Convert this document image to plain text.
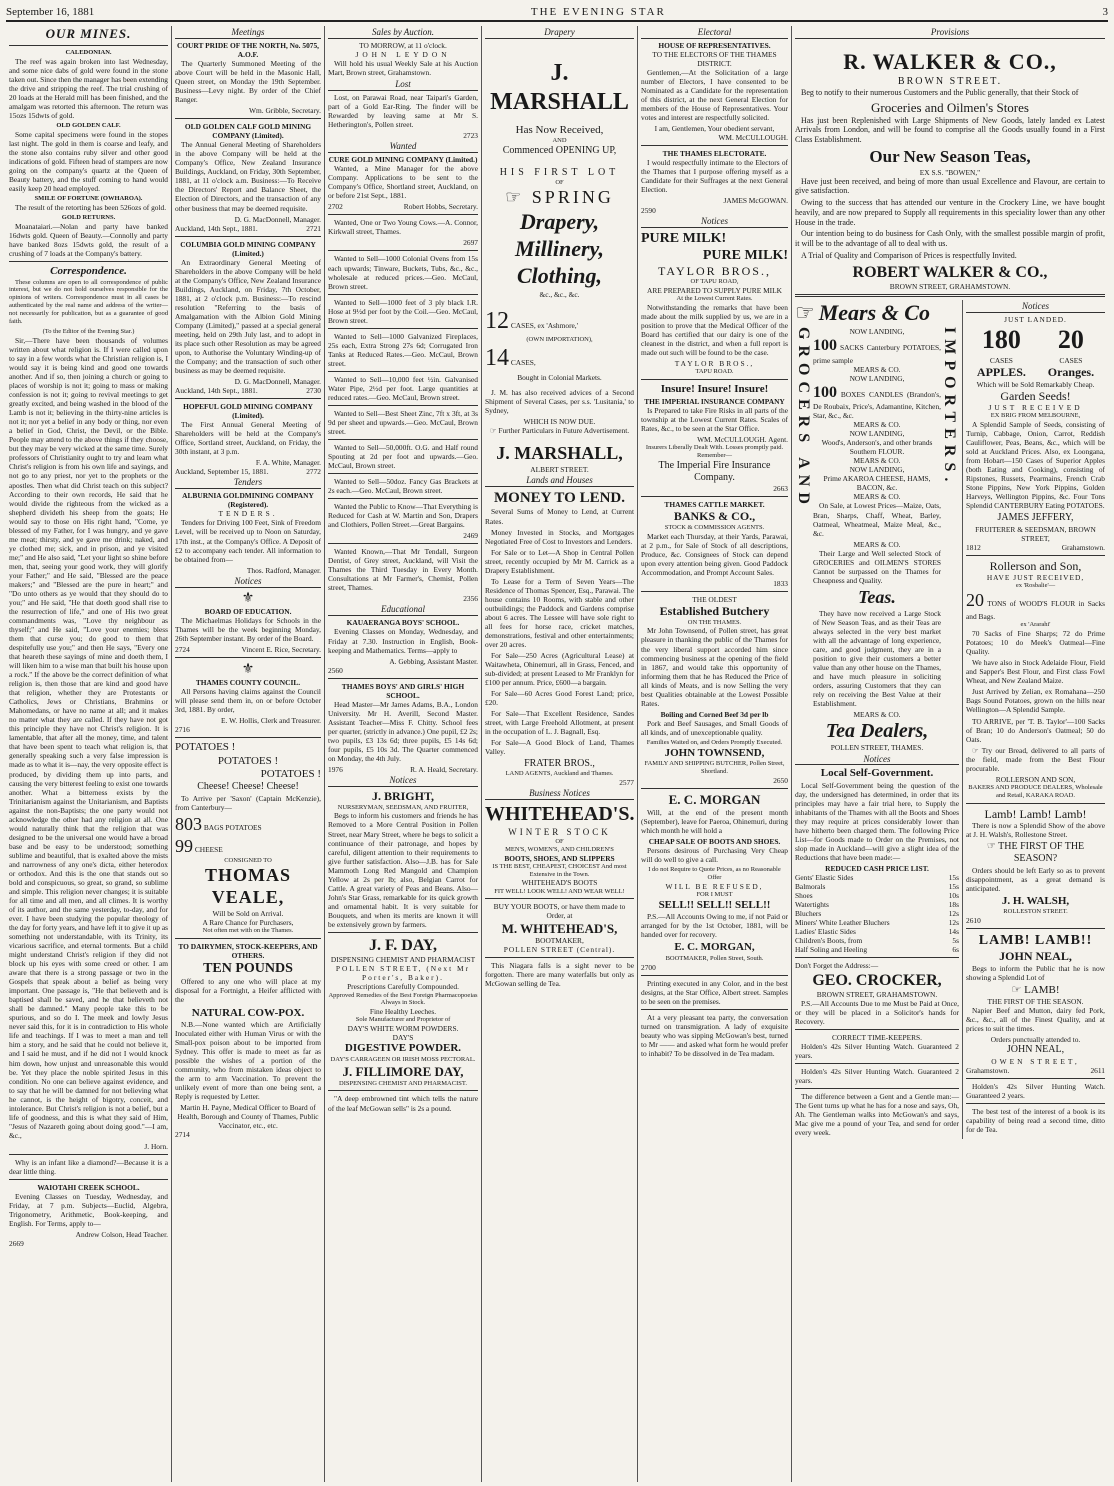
September 16, 1881	THE EVENING STAR	3
OUR MINES.
CALEDONIAN.

The reef was again broken into last Wednesday, and some nice dabs of gold were found in the stone taken out. Since then the manager has been extending the drive and stripping the reef. The trial crushing of 20 loads at the Herald mill has been finished, and the amalgam was retorted this afternoon. The return was 15ozs 15dwts of gold.

OLD GOLDEN CALF.

Some capital specimens were found in the stopes last night. The gold in them is coarse and leafy, and the stone also contains ruby silver and other good indications of gold. Fifteen head of stampers are now going on the company's quartz at the Queen of Beauty battery, and the stuff coming to hand would easily keep 20 head employed.

SMILE OF FORTUNE (OWHAROA).

The result of the retorting has been 526ozs of gold.

GOLD RETURNS.

Moanataiari.—Nolan and party have banked 16dwts gold. Queen of Beauty.—Connolly and party have banked 8ozs 15dwts gold, the result of a crushing of 7 loads at the Company's battery.

Correspondence.

These columns are open to all correspondence of public interest, but we do not hold ourselves responsible for the opinions of writers. Correspondence must in all cases be authenticated by the real name and address of the writer—not necessarily for publication, but as a guarantee of good faith.

(To the Editor of the Evening Star.)

Sir,—There have been thousands of volumes written about what religion is. If I were called upon to say in a few words what the Christian religion is, I would say it is being kind and good one towards another. And if so, then joining a church or going to places of worship is not it; going to mass or making confession is not it; going to revival meetings to get greatly excited, and being washed in the blood of the Lamb is not it; believing in the thirty-nine articles is not it; nor yet a belief in any body or thing, nor even a belief in God, Christ, the Devil, or the Bible. People may attend to the above things if they choose, but they may be very wicked at the same time. Surely professors of Christianity ought to try and learn what Christ's religion is from his own life and sayings, and not go to any priest, nor yet to the prophets or the apostles. Then what did Christ teach on this subject? According to their own records, He said that he would divide the righteous from the wicked as a shepherd divideth his sheep from the goats; He would say to those on His right hand, "Come, ye blessed of my Father, for I was hungry, and ye gave me meat; thirsty, and ye gave me drink; naked, and ye clothed me; sick, and in prison, and ye visited me;" and He also said, "Let your light so shine before men, that, seeing your good work, they will glorify your Father;" and He said, "Blessed are the peace makers;" and "Blessed are the pure in heart;" and "Do unto others as ye would that they should do to you;" and He said, "He that doeth good shall rise to the resurrection of life," and one of His two great commandments was, "Love thy neighbour as thyself;" and He said, "Love your enemies; bless them that curse you; do good to them that despitefully use you;" and then He says, "Every one that heareth these sayings of mine and doeth them, I will liken him to a wise man that built his house upon a rock." If the above be the correct definition of what religion is, then those that are kind and good have that religion, whether they are Protestants or Catholics, Jews or Christians, Brahmins or Mahomedans, or have no name at all; and it makes no matter what they are called. If they have not got this principle they have not Christ's religion. It is lamentable, that after all the money, time, and talent that have been spent to teach what religion is, that generally speaking such a very false impression is made as to what it is—nay, the very opposite effect is produced, by dividing them up into parts, and causing the very bitterest feeling to exist one towards another. What a bitterness exists by the Trinitarianism against the Unitarianism, and Baptists against the non-Baptists; the one party would not acknowledge the other had any religion at all. One would naturally think that the religion that was designed to be the universal one would have a broad base and be easy to be understood; something sublime and beautiful, that is exalted above the mists and narrowness of any one's dicta, either heterodox or orthodox. And this is the one that stands out so bold and conspicuous, so great, so grand, so sublime and simple. This religion never changes; it is suitable for all time and all men, and all climes. It is worthy of its author, and the same yesterday, to-day, and for ever. I have been studying the popular theology of the day for forty years, and have left it to give it up as something not understandable, with its Trinity, its vicarious sacrifice, and eternal torments. But a child might understand Christ's religion if they did not block up his eyes with some creed or other. I am aware that there is a strong passage or two in the Gospels that speak about a belief as being very important. One passage is, "He that believeth and is baptised shall be saved, and he that believeth not shall be damned." Many people take this to be spurious, and so do I. The meek and lowly Jesus never said this, for it is in contradiction to His whole life and teachings. If I was to meet a man and tell him a story, and he said that he could not believe it, and I said he must, and if he did not I would knock him down, how unjust and unreasonable this would be. Yet they place the noble spirited Jesus in this condition. No one can believe against evidence, and to say that he will be damned for not believing what he cannot, is the height of bigotry, conceit, and intolerance. But Christ's religion is not a belief, but a life of goodness, and this is what they said of Him, "Jesus of Nazareth going about doing good."—I am, &c.,

J. Horn.

Why is an infant like a diamond?—Because it is a dear little thing.

WAIOTAHI CREEK SCHOOL.

Evening Classes on Tuesday, Wednesday, and Friday, at 7 p.m. Subjects—Euclid, Algebra, Trigonometry, Arithmetic, Book-keeping, and English. For Terms, apply to—

Andrew Colson, Head Teacher.
2669
Meetings
COURT PRIDE OF THE NORTH, No. 5075, A.O.F.

The Quarterly Summoned Meeting of the above Court will be held in the Masonic Hall, Queen street, on Monday the 19th September. Business—Levy night. By order of the Chief Ranger.

Wm. Gribble, Secretary.
OLD GOLDEN CALF GOLD MINING COMPANY (Limited).

The Annual General Meeting of Shareholders in the above Company will be held at the Company's Office, New Zealand Insurance Buildings, Auckland, on Friday, 30th September, 1881, at 11 o'clock a.m. Business:—To Receive the Directors' Report and Balance Sheet, the Election of Directors, and the transaction of any other business that may be deemed requisite.

D. G. MacDonnell, Manager.
Auckland, 14th Sept., 1881.	2721
COLUMBIA GOLD MINING COMPANY (Limited.)

An Extraordinary General Meeting of Shareholders in the above Company will be held at the Company's Office, New Zealand Insurance Buildings, Auckland, on Friday, 7th October, 1881, at 2 o'clock p.m. Business:—To rescind resolution "Referring to the basis of Amalgamation with the Albion Gold Mining Company (Limited)," passed at a special general meeting, held on 29th July last, and to adopt in its place such other Resolution as may be agreed upon, to Authorise the Voluntary Winding-up of the Company; and the transaction of such other business as may be deemed requisite.

D. G. MacDonnell, Manager.
Auckland, 14th Sept., 1881.	2730
HOPEFUL GOLD MINING COMPANY (Limited).

The First Annual General Meeting of Shareholders will be held at the Company's Office, Sortland street, Auckland, on Friday, the 30th instant, at 3 p.m.

F. A. White, Manager.
Auckland, September 15, 1881.	2772
Tenders
ALBURNIA GOLDMINING COMPANY (Registered).
TENDERS.

Tenders for Driving 100 Feet, Sink of Freedom Level, will be received up to Noon on Saturday, 17th inst., at the Company's Office. A Deposit of £2 to accompany each tender. All information to be obtained from—

Thos. Radford, Manager.
Notices
⚜
BOARD OF EDUCATION.

The Michaelmas Holidays for Schools in the Thames will be the week beginning Monday, 26th September instant. By order of the Board.

2724	Vincent E. Rice, Secretary.
⚜
THAMES COUNTY COUNCIL.

All Persons having claims against the Council will please send them in, on or before October 3rd, 1881. By order,

E. W. Hollis, Clerk and Treasurer.
2716
POTATOES !
POTATOES !
POTATOES !
Cheese! Cheese! Cheese!

To Arrive per 'Saxon' (Captain McKenzie), from Canterbury—

803 BAGS POTATOES
99 CHEESE
CONSIGNED TO
THOMAS VEALE,
Will be Sold on Arrival.
A Rare Chance for Purchasers,
Not often met with on the Thames.
TO DAIRYMEN, STOCK-KEEPERS, AND OTHERS.
TEN POUNDS

Offered to any one who will place at my disposal for a Fortnight, a Heifer afflicted with the

NATURAL COW-POX.

N.B.—None wanted which are Artificially Inoculated either with Human Virus or with the Small-pox poison about to be imported from Sydney. This offer is made to meet as far as possible the wishes of a portion of the community, who from mistaken ideas object to the arm to arm Vaccination. To prevent the unlikely event of more than one being sent, a Reply is requested by Letter.

Martin H. Payne, Medical Officer to Board of Health, Borough and County of Thames, Public Vaccinator, etc., etc.
2714
Sales by Auction.
TO MORROW, at 11 o'clock.
JOHN LEYDON

Will hold his usual Weekly Sale at his Auction Mart, Brown street, Grahamstown.

Lost

Lost, on Parawai Road, near Taipari's Garden, part of a Gold Ear-Ring. The finder will be Rewarded by leaving same at Mr S. Hetherington's, Pollen street.

2723
Wanted
CURE GOLD MINING COMPANY (Limited.)

Wanted, a Mine Manager for the above Company. Applications to be sent to the Company's Office, Shortland street, Auckland, on or before 21st Sept., 1881.

2702	Robert Hobbs, Secretary.

Wanted, One or Two Young Cows.—A. Connor, Kirkwall street, Thames.

2697

Wanted to Sell—1000 Colonial Ovens from 15s each upwards; Tinware, Buckets, Tubs, &c., &c., wholesale at reduced prices.—Geo. McCaul, Brown street.

Wanted to Sell—1000 feet of 3 ply black I.R. Hose at 9½d per foot by the Coil.—Geo. McCaul, Brown street.

Wanted to Sell—1000 Galvanized Fireplaces, 25s each, Extra Strong 27s 6d; Corrugated Iron Tanks at Reduced Rates.—Geo. McCaul, Brown street.

Wanted to Sell—10,000 feet ½in. Galvanised Water Pipe, 2½d per foot. Large quantities at reduced rates.—Geo. McCaul, Brown street.

Wanted to Sell—Best Sheet Zinc, 7ft x 3ft, at 3s 9d per sheet and upwards.—Geo. McCaul, Brown street.

Wanted to Sell—50,000ft. O.G. and Half round Spouting at 2d per foot and upwards.—Geo. McCaul, Brown street.

Wanted to Sell—50doz. Fancy Gas Brackets at 2s each.—Geo. McCaul, Brown street.

Wanted the Public to Know—That Everything is Reduced for Cash at W. Martin and Son, Drapers and Clothiers, Pollen Street.—Great Bargains.

2469

Wanted Known,—That Mr Tendall, Surgeon Dentist, of Grey street, Auckland, will Visit the Thames the Third Tuesday in Every Month. Consultations at Mr Farmer's, Chemist, Pollen street, Thames.

2356
Educational
KAUAERANGA BOYS' SCHOOL.

Evening Classes on Monday, Wednesday, and Friday at 7.30. Instruction in English, Book-keeping and Mathematics. Terms—apply to

A. Gebbing, Assistant Master.
2560
THAMES BOYS' AND GIRLS' HIGH SCHOOL.

Head Master—Mr James Adams, B.A., London University. Mr H. Averill, Second Master. Assistant Teacher—Miss F. Chitty. School fees per quarter, (strictly in advance.) One pupil, £2 2s; two pupils, £3 13s 6d; three pupils, £5 14s 6d; four pupils, £5 10s 3d. The Quarter commenced on Monday, the 4th July.

1976	R. A. Heald, Secretary.
Notices
J. BRIGHT,
NURSERYMAN, SEEDSMAN, AND FRUITER,

Begs to inform his customers and friends he has Removed to a More Central Position in Pollen Street, near Mary Street, where he begs to solicit a continuance of their patronage, and hopes by careful, diligent attention to their requirements to give further satisfaction. Also—J.B. has for Sale Mammoth Long Red Mangold and Champion Yellow at 2s per lb; also, Belgian Carrot for Cattle. A great variety of Peas and Beans. Also—John's Star Grass, remarkable for its quick growth and ornamental habit. It is very suitable for Bouquets, and when its merits are known it will be extensively grown by farmers.

J. F. DAY,
DISPENSING CHEMIST AND PHARMACIST
POLLEN STREET, (Next Mr Porter's, Baker).
Prescriptions Carefully Compounded.
Approved Remedies of the Best Foreign Pharmacopoeias Always in Stock.
Fine Healthy Leeches.
Sole Manufacturer and Proprietor of
DAY'S WHITE WORM POWDERS.
DAY'S
DIGESTIVE POWDER.
DAY'S CARRAGEEN OR IRISH MOSS PECTORAL.
J. FILLIMORE DAY,
DISPENSING CHEMIST AND PHARMACIST.

"A deep embrowned tint which tells the nature of the leaf McGowan sells" is 2s a pound.

Drapery
J. MARSHALL
Has Now Received,
AND
Commenced OPENING UP,
HIS FIRST LOT
OF
☞ SPRING
Drapery,
Millinery,
Clothing,
&c., &c., &c.
12 CASES, ex 'Ashmore,'
(OWN IMPORTATION),
14 CASES,
Bought in Colonial Markets.

J. M. has also received advices of a Second Shipment of Several Cases, per s.s. 'Lusitania,' to Sydney,

WHICH IS NOW DUE.
☞ Further Particulars in Future Advertisement.
J. MARSHALL,
ALBERT STREET.
Lands and Houses
MONEY TO LEND.

Several Sums of Money to Lend, at Current Rates.

Money Invested in Stocks, and Mortgages Negotiated Free of Cost to Investors and Lenders.

For Sale or to Let—A Shop in Central Pollen street, recently occupied by Mr M. Carrick as a Drapery Establishment.

To Lease for a Term of Seven Years—The Residence of Thomas Spencer, Esq., Parawai. The house contains 10 Rooms, with stable and other outbuildings; the Paddock and Gardens comprise about 6 acres. The Lessee will have sole right to all fees for horse race, cricket matches, demonstrations, festival and other entertainments; over 20 acres.

For Sale—250 Acres (Agricultural Lease) at Waitawheta, Ohinemuri, all in Grass, Fenced, and sub-divided; at present Leased to Mr Franklyn for £100 per annum. Price, £600—a bargain.

For Sale—60 Acres Good Forest Land; price, £20.

For Sale—That Excellent Residence, Sandes street, with Large Freehold Allotment, at present in the occupation of L. J. Bagnall, Esq.

For Sale—A Good Block of Land, Thames Valley.

FRATER BROS.,
LAND AGENTS, Auckland and Thames.
2577
Business Notices
WHITEHEAD'S.
WINTER STOCK
OF
MEN'S, WOMEN'S, AND CHILDREN'S
BOOTS, SHOES, AND SLIPPERS
IS THE BEST, CHEAPEST, CHOICEST And most Extensive in the Town.
WHITEHEAD'S BOOTS
FIT WELL! LOOK WELL! AND WEAR WELL!
BUY YOUR BOOTS, or have them made to Order, at
M. WHITEHEAD'S,
BOOTMAKER,
POLLEN STREET (Central).

This Niagara falls is a sight never to be forgotten. There are many waterfalls but only as McGowan selling de Tea.

Electoral
HOUSE OF REPRESENTATIVES.
TO THE ELECTORS OF THE THAMES DISTRICT.

Gentlemen,—At the Solicitation of a large number of Electors, I have consented to be Nominated as a Candidate for the representation of this district, at the next General Election for members of the House of Representatives. Your votes and interest are respectfully solicited.

I am, Gentlemen, Your obedient servant,
WM. McCULLOUGH.
THE THAMES ELECTORATE.

I would respectfully intimate to the Electors of the Thames that I purpose offering myself as a Candidate for their Suffrages at the next General Election.

JAMES McGOWAN.
2590
Notices
PURE MILK!
PURE MILK!
TAYLOR BROS.,
OF TAPU ROAD,
ARE PREPARED TO SUPPLY PURE MILK
At the Lowest Current Rates.

Notwithstanding the remarks that have been made about the milk supplied by us, we are in a position to prove that the Medical Officer of the Board has certified that our dairy is one of the cleanest in the district, and when a full report is made out such will be found to be the case.

TAYLOR BROS.,
TAPU ROAD.
Insure! Insure! Insure!
THE IMPERIAL INSURANCE COMPANY

Is Prepared to take Fire Risks in all parts of the township at the Lowest Current Rates. Scales of Rates, &c., to be seen at the Star Office.

WM. McCULLOUGH. Agent.
Insurers Liberally Dealt With. Losses promptly paid. Remember—
The Imperial Fire Insurance Company.
2663
THAMES CATTLE MARKET.
BANKS & CO.,
STOCK & COMMISSION AGENTS.

Market each Thursday, at their Yards, Parawai, at 2 p.m., for Sale of Stock of all descriptions, Produce, &c. Consignees of Stock can depend upon every attention being given. Good Paddock Accommodation, and Prompt Account Sales.

1833
THE OLDEST
Established Butchery
ON THE THAMES.

Mr John Townsend, of Pollen street, has great pleasure in thanking the public of the Thames for the very liberal support accorded him since commencing business at the opening of the field in 1867, and would take this opportunity of informing them that he has Reduced the Price of all kinds of Meats, and is now Selling the very best Qualities obtainable at the Lowest Possible Rates.

Boiling and Corned Beef 3d per lb

Pork and Beef Sausages, and Small Goods of all kinds, and of unexceptionable quality.

Families Waited on, and Orders Promptly Executed.
JOHN TOWNSEND,
FAMILY AND SHIPPING BUTCHER, Pollen Street, Shortland.
2650
E. C. MORGAN

Will, at the end of the present month (September), leave for Paeroa, Ohinemuri, during which month he will hold a

CHEAP SALE OF BOOTS AND SHOES.

Persons desirous of Purchasing Very Cheap will do well to give a call.

I do not Require to Quote Prices, as no Reasonable Offer
WILL BE REFUSED,
FOR I MUST
SELL!! SELL!! SELL!!

P.S.—All Accounts Owing to me, if not Paid or arranged for by the 1st October, 1881, will be handed over for recovery.

E. C. MORGAN,
BOOTMAKER, Pollen Street, South.
2700

Printing executed in any Color, and in the best designs, at the Star Office, Albert street. Samples to be seen on the premises.

At a very pleasant tea party, the conversation turned on transmigration. A lady of exquisite beauty who was sipping McGowan's best, turned to Mr —— and asked what form he would prefer to inhabit? To be dissolved in de Tea madam.

Provisions
R. WALKER & CO.,
BROWN STREET.

Beg to notify to their numerous Customers and the Public generally, that their Stock of

Groceries and Oilmen's Stores

Has just been Replenished with Large Shipments of New Goods, lately landed ex Latest Arrivals from London, and will be found to comprise all the Goods usually found in a First Class Establishment.

Our New Season Teas,
EX S.S. "BOWEN,"

Have just been received, and being of more than usual Excellence and Flavour, are certain to give satisfaction.

Owing to the success that has attended our venture in the Crockery Line, we have bought heavily, and are now prepared to Supply all requirements in this speciality lower than any other House in the trade.

Our intention being to do business for Cash Only, with the smallest possible margin of profit, it will be to the advantage of all to deal with us.

A Trial of Quality and Comparison of Prices is respectfully Invited.

ROBERT WALKER & CO.,
BROWN STREET, GRAHAMSTOWN.
☞ Mears & Co
GROCERS AND	NOW LANDING,
100 SACKS Canterbury POTATOES, prime sample
MEARS & CO.
NOW LANDING,
100 BOXES CANDLES (Brandon's, De Roubaix, Price's, Adamantine, Kitchen, Star, &c., &c.
MEARS & CO.
NOW LANDING,
Wood's, Anderson's, and other brands Southern FLOUR.
MEARS & CO.
NOW LANDING,
Prime AKAROA CHEESE, HAMS, BACON, &c.
MEARS & CO.

On Sale, at Lowest Prices—Maize, Oats, Bran, Sharps, Chaff, Wheat, Barley, Oatmeal, Wheatmeal, Maize Meal, &c., &c.

MEARS & CO.

Their Large and Well selected Stock of GROCERIES and OILMEN'S STORES Cannot be surpassed on the Thames for Cheapness and Quality.

Teas.

They have now received a Large Stock of New Season Teas, and as their Teas are always selected in the very best market with all the advantage of long experience, care, and good judgment, they are in a position to give their customers a better value than any other house on the Thames, and have much pleasure in soliciting orders, assuring Customers that they can rely on receiving the Best Value at their Establishment.

MEARS & CO.
IMPORTERS.
Tea Dealers,
POLLEN STREET, THAMES.
Notices
Local Self-Government.

Local Self-Government being the question of the day, the undersigned has determined, in order that its principles may have a fair trial here, to Supply the inhabitants of the Thames with all the Boots and Shoes they may require at prices considerably lower than have hitherto been charged them. The following Price List—for Goods made to Order on the Premises, not slop made in Auckland—will give a slight idea of the Reductions that have been made:—

REDUCED CASH PRICE LIST.
Gents' Elastic Sides	15s
Balmorals	15s
Shoes	10s
Watertights	18s
Bluchers	12s
Miners' White Leather Bluchers	12s
Ladies' Elastic Sides	14s
Children's Boots, from	5s
Half Soling and Heeling	6s
Don't Forget the Address:—
GEO. CROCKER,
BROWN STREET, GRAHAMSTOWN.

P.S.—All Accounts Due to me Must be Paid at Once, or they will be placed in a Solicitor's hands for Recovery.

CORRECT TIME-KEEPERS.

Holden's 42s Silver Hunting Watch. Guaranteed 2 years.

Holden's 42s Silver Hunting Watch. Guaranteed 2 years.

The difference between a Gent and a Gentle man:—The Gent turns up what he has for a nose and says, Oh, Ah. The Gentleman walks into McGowan's and says, Mac give me a pound of your Tea, and send for order every week.

Notices
JUST LANDED.
180
CASES
APPLES.
20
CASES
Oranges.
Which will be Sold Remarkably Cheap.
Garden Seeds!
JUST RECEIVED
EX BRIG FROM MELBOURNE,

A Splendid Sample of Seeds, consisting of Turnip, Cabbage, Onion, Carrot, Reddish Cauliflower, Peas, Beans, &c., which will be sold at Auckland Prices. Also, ex Loongana, from Hobart—150 Cases of Superior Apples (both Eating and Cooking), consisting of Ripstones, Russets, Pearmains, French Crab Stone Pippins, New York Pippins, Golden Harveys, Wellington Pippins, &c. Four Tons Splendid CANTERBURY Eating POTATOES.

JAMES JEFFERY,
FRUITERER & SEEDSMAN, BROWN STREET,
1812	Grahamstown.
Rollerson and Son,
HAVE JUST RECEIVED,
ex 'Rosbalie'—
20 TONS of WOOD'S FLOUR in Sacks and Bags.
ex 'Ararahi'

70 Sacks of Fine Sharps; 72 do Prime Potatoes; 10 do Meek's Oatmeal—Fine Quality.

We have also in Stock Adelaide Flour, Field and Sapper's Best Flour, and First class Fowl Wheat, and New Zealand Maize.

Just Arrived by Zelian, ex Romahana—250 Bags Sound Potatoes, grown on the hills near Wellington—A Splendid Sample.

TO ARRIVE, per 'T. B. Taylor'—100 Sacks of Bran; 10 do Anderson's Oatmeal; 50 do Oats.

☞ Try our Bread, delivered to all parts of the field, made from the Best Flour procurable.

ROLLERSON AND SON,
BAKERS AND PRODUCE DEALERS, Wholesale and Retail, KARAKA ROAD.
Lamb! Lamb! Lamb!

There is now a Splendid Show of the above at J. H. Walsh's, Rollestone Street.

☞ THE FIRST OF THE SEASON?

Orders should be left Early so as to prevent disappointment, as a great demand is anticipated.

J. H. WALSH,
ROLLESTON STREET.
2610
LAMB! LAMB!!
JOHN NEAL,

Begs to inform the Public that he is now showing a Splendid Lot of

☞ LAMB!
THE FIRST OF THE SEASON.

Napier Beef and Mutton, dairy fed Pork, &c., &c., all of the Finest Quality, and at prices to suit the times.

Orders punctually attended to.
JOHN NEAL,
OWEN STREET,
Grahamstown.	2611

Holden's 42s Silver Hunting Watch. Guaranteed 2 years.

The best test of the interest of a book is its capability of being read a second time, ditto for de Tea.
